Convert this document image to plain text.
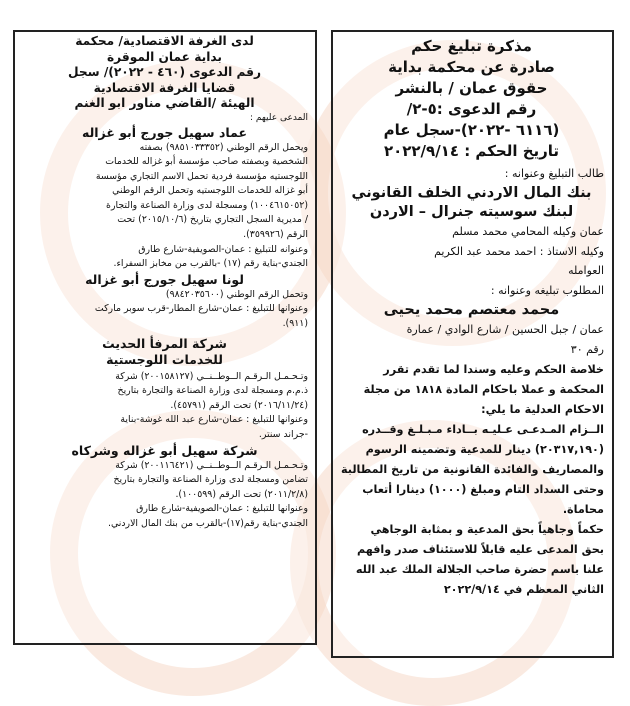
مذكرة تبليغ حكم
صادرة عن محكمة بداية
حقوق عمان / بالنشر
رقم الدعوى :٥-٢/
(٦١١٦ -٢٠٢٢)-سجل عام
تاريخ الحكم : ٢٠٢٢/٩/١٤
طالب التبليغ وعنوانه :
بنك المال الاردني الخلف القانوني
لبنك سوسيته جنرال – الاردن
عمان وكيله المحامي محمد مسلم
وكيله الاستاذ : احمد محمد عبد الكريم
العوامله
المطلوب تبليغه وعنوانه :
محمد معتصم محمد يحيى
عمان / جبل الحسين / شارع الوادي / عمارة
رقم ٣٠
خلاصة الحكم وعليه وسندا لما تقدم تقرر
المحكمة و عملا باحكام المادة ١٨١٨ من مجلة
الاحكام العدلية ما يلي:
الــزام المـدعـى عـليـه بــاداء مـبـلـغ وقــدره
(٢٠٣١٧,١٩٠) دينار للمدعية وتضمينه الرسوم
والمصاريف والفائدة القانونية من تاريخ المطالبة
وحتى السداد التام ومبلغ (١٠٠٠) دينارا أتعاب
محاماة.
حكماً وجاهياً بحق المدعية و بمثابة الوجاهي
بحق المدعى عليه قابلاً للاستئناف صدر وافهم
علنا باسم حضرة صاحب الجلالة الملك عبد الله
الثاني المعظم في ٢٠٢٢/٩/١٤
لدى الغرفة الاقتصادية/ محكمة
بداية عمان الموقرة
رقم الدعوى (٤٦٠ - ٢٠٢٢)/ سجل
قضايا الغرفة الاقتصادية
الهيئة /القاضي مناور ابو الغنم
المدعى عليهم :
عماد سهيل جورج أبو غزاله
ويحمل الرقم الوطني (٩٨٥١٠٣٣٣٥٢) بصفته
الشخصية وبصفته صاحب مؤسسة أبو غزاله للخدمات
اللوجستيه مؤسسة فردية تحمل الاسم التجاري مؤسسة
أبو غزاله للخدمات اللوجستيه وتحمل الرقم الوطني
(١٠٠٤٦١٥٠٥٢) ومسجلة لدى وزارة الصناعة والتجارة
/ مديرية السجل التجاري بتاريخ (٢٠١٥/١٠/٦) تحت
الرقم (٣٥٩٩٢٦).
وعنوانه للتبليغ : عمان-الصويفية-شارع طارق
الجندي-بناية رقم (١٧) -بالقرب من مخابز السفراء.
لونا سهيل جورج أبو غزاله
وتحمل الرقم الوطني (٩٨٤٢٠٣٥٦٠٠)
وعنوانها للتبليغ : عمان-شارع المطار-قرب سوبر ماركت
(٩١١).
شركة المرفأ الحديث
للخدمات اللوجستية
وتـحـمـل الـرقـم الــوطــنــي (٢٠٠١٥٨١٢٧) شركة
ذ.م.م ومسجلة لدى وزارة الصناعة والتجارة بتاريخ
(٢٠١٦/١١/٢٤) تحت الرقم (٤٥٧٩١).
وعنوانها للتبليغ : عمان-شارع عبد الله غوشة-بناية
-جراند سنتر.
شركة سهيل أبو غزاله وشركاه
وتـحـمـل الـرقـم الــوطــنــي (٢٠٠١١٦٤٢١) شركة
تضامن ومسجلة لدى وزارة الصناعة والتجارة بتاريخ
(٢٠١١/٢/٨) تحت الرقم (١٠٠٥٩٩).
وعنوانها للتبليغ : عمان-الصويفية-شارع طارق
الجندي-بناية رقم(١٧)-بالقرب من بنك المال الاردني.
